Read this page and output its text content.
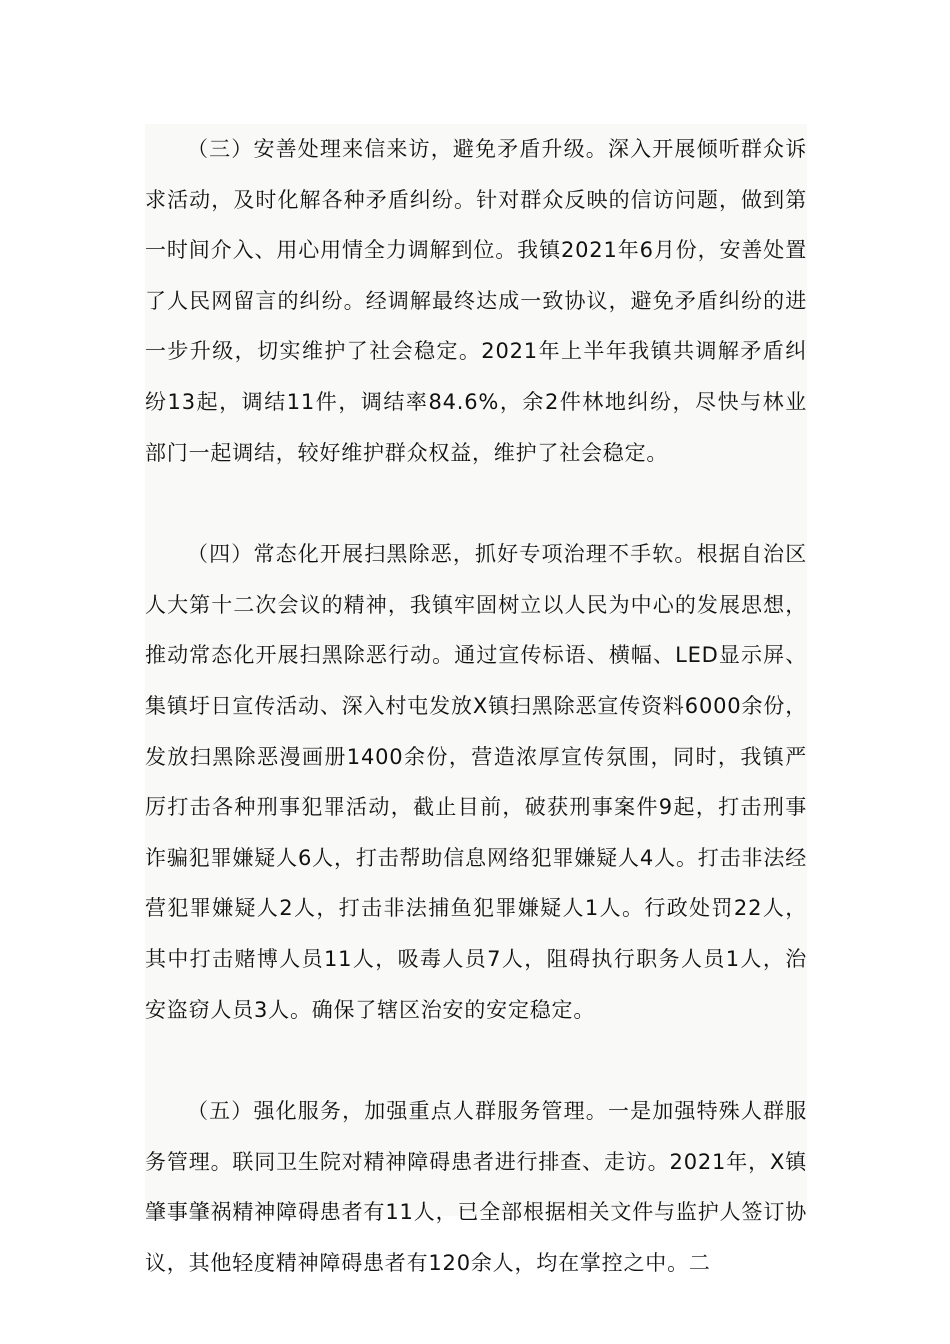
（三）安善处理来信来访，避免矛盾升级。深入开展倾听群众诉求活动，及时化解各种矛盾纠纷。针对群众反映的信访问题，做到第一时间介入、用心用情全力调解到位。我镇2021年6月份，安善处置了人民网留言的纠纷。经调解最终达成一致协议，避免矛盾纠纷的进一步升级，切实维护了社会稳定。2021年上半年我镇共调解矛盾纠纷13起，调结11件，调结率84.6%，余2件林地纠纷，尽快与林业部门一起调结，较好维护群众权益，维护了社会稳定。

（四）常态化开展扫黑除恶，抓好专项治理不手软。根据自治区人大第十二次会议的精神，我镇牢固树立以人民为中心的发展思想，推动常态化开展扫黑除恶行动。通过宣传标语、横幅、LED显示屏、集镇圩日宣传活动、深入村屯发放X镇扫黑除恶宣传资料6000余份，发放扫黑除恶漫画册1400余份，营造浓厚宣传氛围，同时，我镇严厉打击各种刑事犯罪活动，截止目前，破获刑事案件9起，打击刑事诈骗犯罪嫌疑人6人，打击帮助信息网络犯罪嫌疑人4人。打击非法经营犯罪嫌疑人2人，打击非法捕鱼犯罪嫌疑人1人。行政处罚22人，其中打击赌博人员11人，吸毒人员7人，阻碍执行职务人员1人，治安盗窃人员3人。确保了辖区治安的安定稳定。

（五）强化服务，加强重点人群服务管理。一是加强特殊人群服务管理。联同卫生院对精神障碍患者进行排查、走访。2021年，X镇肇事肇祸精神障碍患者有11人，已全部根据相关文件与监护人签订协议，其他轻度精神障碍患者有120余人，均在掌控之中。二
